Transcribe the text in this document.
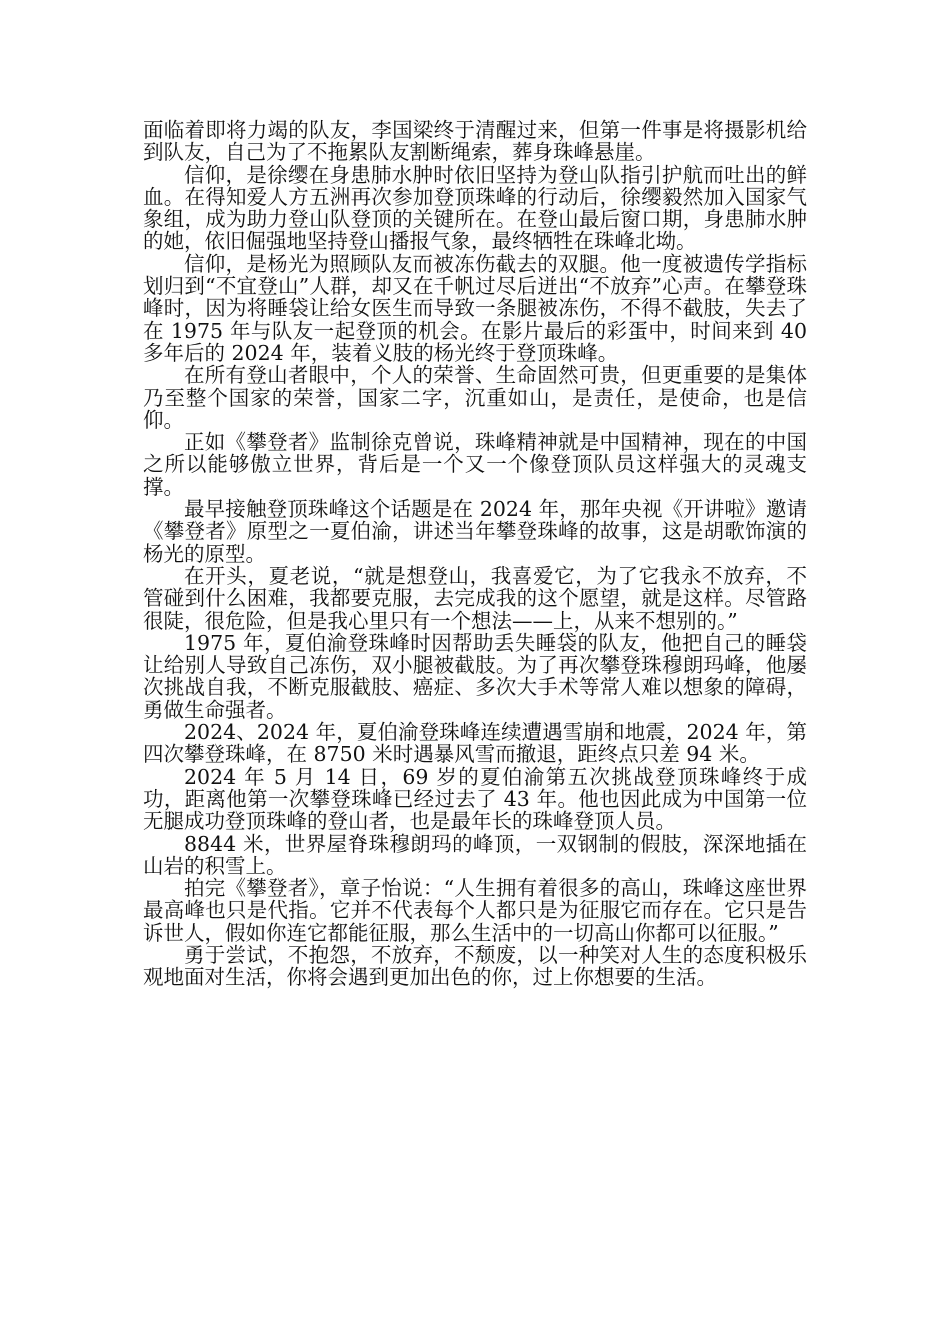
面临着即将力竭的队友，李国梁终于清醒过来，但第一件事是将摄影机给到队友，自己为了不拖累队友割断绳索，葬身珠峰悬崖。

信仰，是徐缨在身患肺水肿时依旧坚持为登山队指引护航而吐出的鲜血。在得知爱人方五洲再次参加登顶珠峰的行动后，徐缨毅然加入国家气象组，成为助力登山队登顶的关键所在。在登山最后窗口期，身患肺水肿的她，依旧倔强地坚持登山播报气象，最终牺牲在珠峰北坳。

信仰，是杨光为照顾队友而被冻伤截去的双腿。他一度被遗传学指标划归到“不宜登山”人群，却又在千帆过尽后迸出“不放弃”心声。在攀登珠峰时，因为将睡袋让给女医生而导致一条腿被冻伤，不得不截肢，失去了在 1975 年与队友一起登顶的机会。在影片最后的彩蛋中，时间来到 40 多年后的 2024 年，装着义肢的杨光终于登顶珠峰。

在所有登山者眼中，个人的荣誉、生命固然可贵，但更重要的是集体乃至整个国家的荣誉，国家二字，沉重如山，是责任，是使命，也是信仰。

正如《攀登者》监制徐克曾说，珠峰精神就是中国精神，现在的中国之所以能够傲立世界，背后是一个又一个像登顶队员这样强大的灵魂支撑。

最早接触登顶珠峰这个话题是在 2024 年，那年央视《开讲啦》邀请《攀登者》原型之一夏伯渝，讲述当年攀登珠峰的故事，这是胡歌饰演的杨光的原型。

在开头，夏老说，“就是想登山，我喜爱它，为了它我永不放弃，不管碰到什么困难，我都要克服，去完成我的这个愿望，就是这样。尽管路很陡，很危险，但是我心里只有一个想法——上，从来不想别的。”

1975 年，夏伯渝登珠峰时因帮助丢失睡袋的队友，他把自己的睡袋让给别人导致自己冻伤，双小腿被截肢。为了再次攀登珠穆朗玛峰，他屡次挑战自我，不断克服截肢、癌症、多次大手术等常人难以想象的障碍，勇做生命强者。

2024、2024 年，夏伯渝登珠峰连续遭遇雪崩和地震，2024 年，第四次攀登珠峰，在 8750 米时遇暴风雪而撤退，距终点只差 94 米。

2024 年 5 月 14 日，69 岁的夏伯渝第五次挑战登顶珠峰终于成功，距离他第一次攀登珠峰已经过去了 43 年。他也因此成为中国第一位无腿成功登顶珠峰的登山者，也是最年长的珠峰登顶人员。

8844 米，世界屋脊珠穆朗玛的峰顶，一双钢制的假肢，深深地插在山岩的积雪上。

拍完《攀登者》，章子怡说：“人生拥有着很多的高山，珠峰这座世界最高峰也只是代指。它并不代表每个人都只是为征服它而存在。它只是告诉世人，假如你连它都能征服，那么生活中的一切高山你都可以征服。”

勇于尝试，不抱怨，不放弃，不颓废，以一种笑对人生的态度积极乐观地面对生活，你将会遇到更加出色的你，过上你想要的生活。
